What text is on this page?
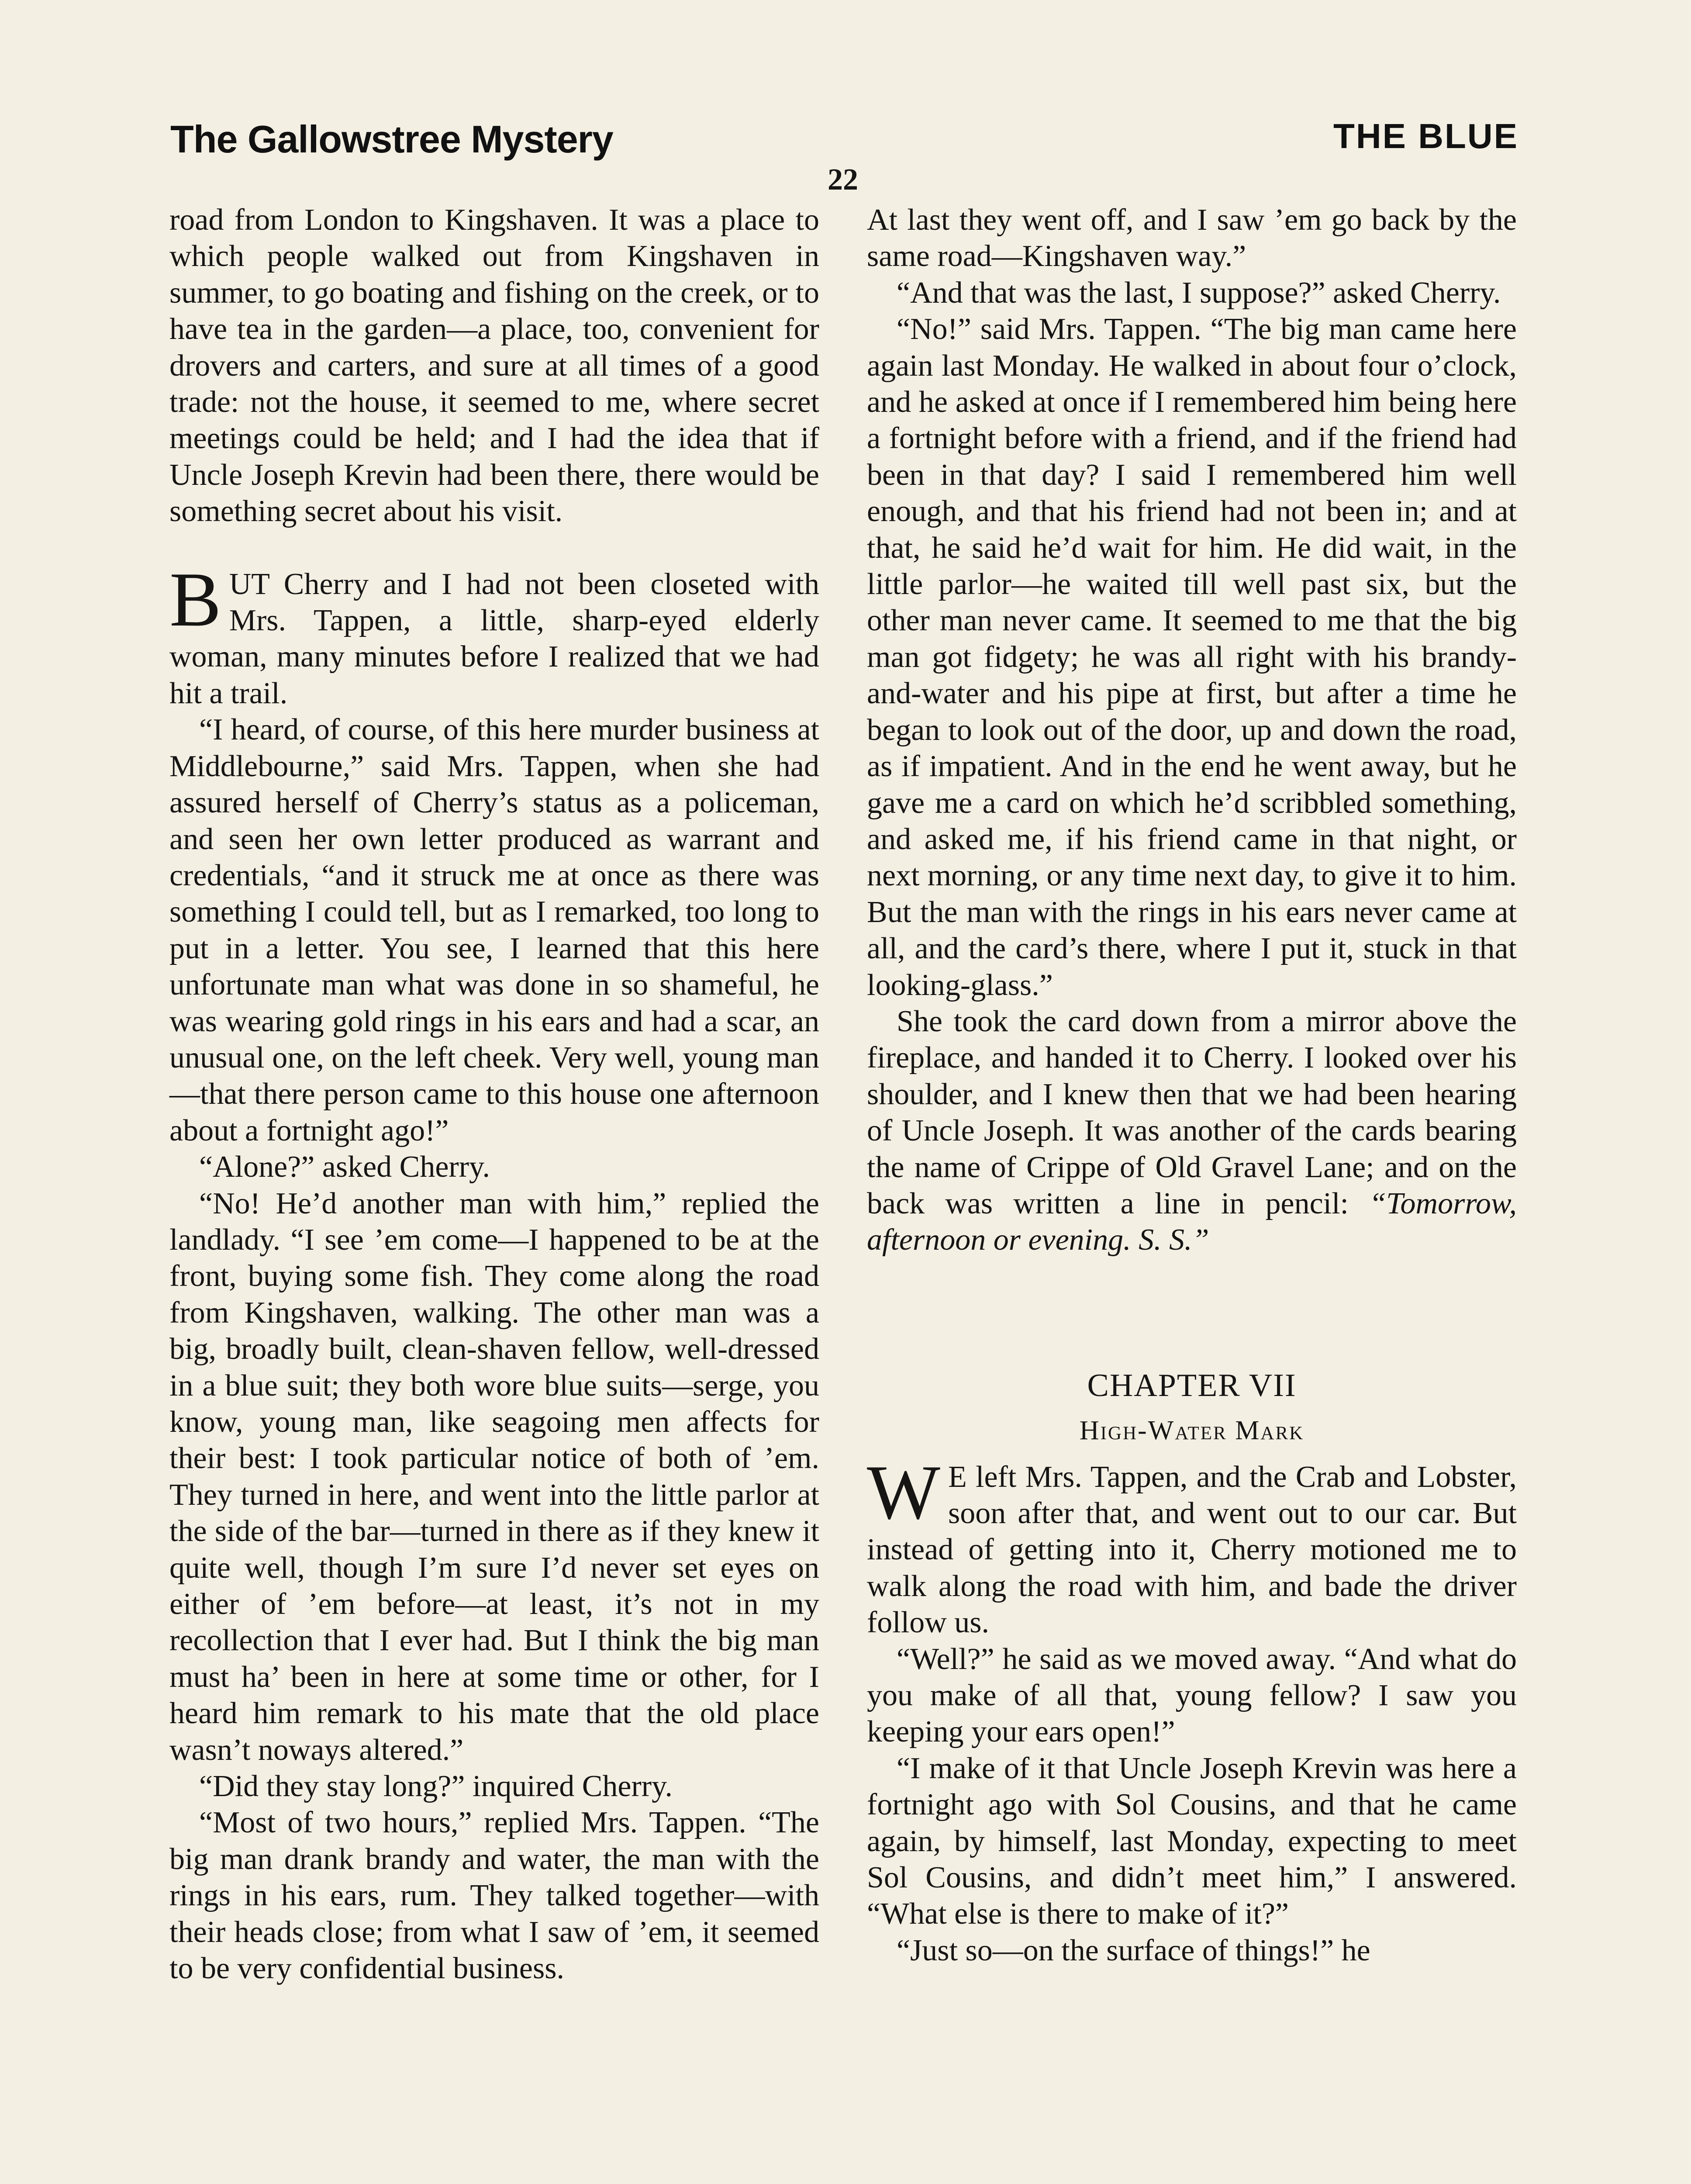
The Gallowstree Mystery	THE BLUE
22

road from London to Kingshaven. It was a place to which people walked out from Kingshaven in summer, to go boating and fishing on the creek, or to have tea in the garden—a place, too, convenient for drovers and carters, and sure at all times of a good trade: not the house, it seemed to me, where secret meetings could be held; and I had the idea that if Uncle Joseph Krevin had been there, there would be something secret about his visit.

BUT Cherry and I had not been closeted with Mrs. Tappen, a little, sharp-eyed elderly woman, many minutes before I realized that we had hit a trail.

“I heard, of course, of this here murder business at Middlebourne,” said Mrs. Tappen, when she had assured herself of Cherry’s status as a policeman, and seen her own letter produced as warrant and credentials, “and it struck me at once as there was something I could tell, but as I remarked, too long to put in a letter. You see, I learned that this here unfortunate man what was done in so shameful, he was wearing gold rings in his ears and had a scar, an unusual one, on the left cheek. Very well, young man—that there person came to this house one afternoon about a fortnight ago!”

“Alone?” asked Cherry.

“No! He’d another man with him,” replied the landlady. “I see ’em come—I happened to be at the front, buying some fish. They come along the road from Kingshaven, walking. The other man was a big, broadly built, clean-shaven fellow, well-dressed in a blue suit; they both wore blue suits—serge, you know, young man, like seagoing men affects for their best: I took particular notice of both of ’em. They turned in here, and went into the little parlor at the side of the bar—turned in there as if they knew it quite well, though I’m sure I’d never set eyes on either of ’em before—at least, it’s not in my recollection that I ever had. But I think the big man must ha’ been in here at some time or other, for I heard him remark to his mate that the old place wasn’t noways altered.”

“Did they stay long?” inquired Cherry.

“Most of two hours,” replied Mrs. Tappen. “The big man drank brandy and water, the man with the rings in his ears, rum. They talked together—with their heads close; from what I saw of ’em, it seemed to be very confidential business.

At last they went off, and I saw ’em go back by the same road—Kingshaven way.”

“And that was the last, I suppose?” asked Cherry.

“No!” said Mrs. Tappen. “The big man came here again last Monday. He walked in about four o’clock, and he asked at once if I remembered him being here a fortnight before with a friend, and if the friend had been in that day? I said I remembered him well enough, and that his friend had not been in; and at that, he said he’d wait for him. He did wait, in the little parlor—he waited till well past six, but the other man never came. It seemed to me that the big man got fidgety; he was all right with his brandy-and-water and his pipe at first, but after a time he began to look out of the door, up and down the road, as if impatient. And in the end he went away, but he gave me a card on which he’d scribbled something, and asked me, if his friend came in that night, or next morning, or any time next day, to give it to him. But the man with the rings in his ears never came at all, and the card’s there, where I put it, stuck in that looking-glass.”

She took the card down from a mirror above the fireplace, and handed it to Cherry. I looked over his shoulder, and I knew then that we had been hearing of Uncle Joseph. It was another of the cards bearing the name of Crippe of Old Gravel Lane; and on the back was written a line in pencil: “Tomorrow, afternoon or evening. S. S.”

CHAPTER VII
High-Water Mark

W E left Mrs. Tappen, and the Crab and Lobster, soon after that, and went out to our car. But instead of getting into it, Cherry motioned me to walk along the road with him, and bade the driver follow us.

“Well?” he said as we moved away. “And what do you make of all that, young fellow? I saw you keeping your ears open!”

“I make of it that Uncle Joseph Krevin was here a fortnight ago with Sol Cousins, and that he came again, by himself, last Monday, expecting to meet Sol Cousins, and didn’t meet him,” I answered. “What else is there to make of it?”

“Just so—on the surface of things!” he
